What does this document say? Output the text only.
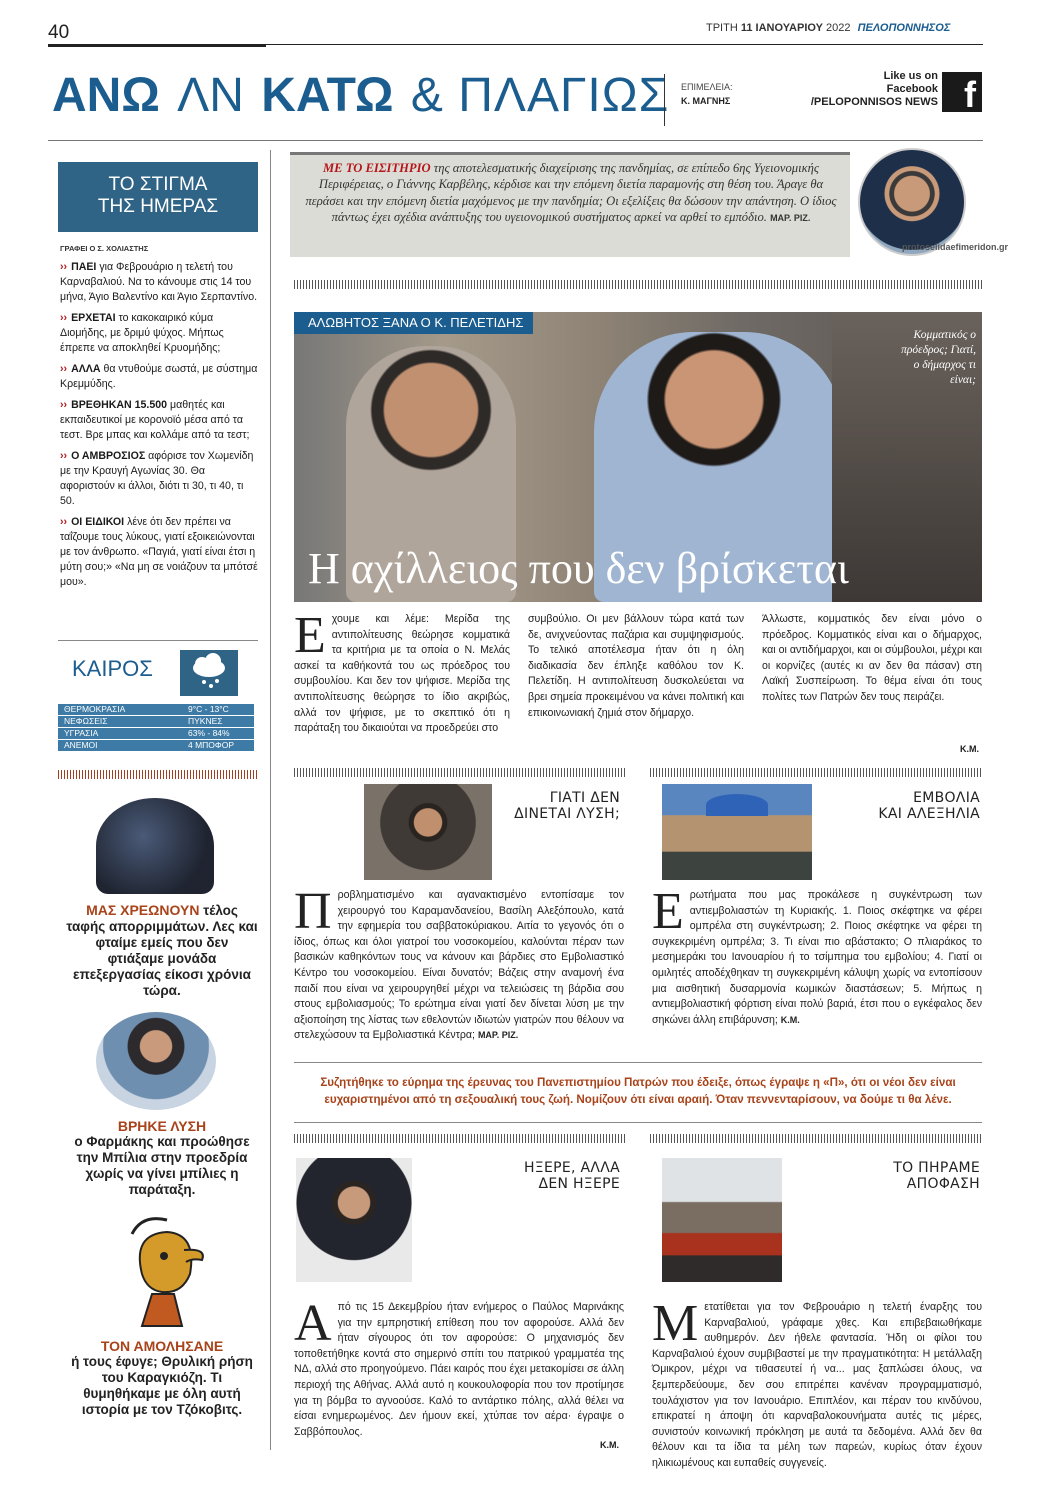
40	ΤΡΙΤΗ 11 ΙΑΝΟΥΑΡΙΟΥ 2022 ΠΕΛΟΠΟΝΝΗΣΟΣ
ΑΝΩ ΛΝ ΚΑΤΩ & ΠΛΑΓΙΩΣ ΕΠΙΜΕΛΕΙΑ:
Κ. ΜΑΓΝΗΣ
Like us on
Facebook
/PELOPONNISOS NEWS f
ΤΟ ΣΤΙΓΜΑ
ΤΗΣ ΗΜΕΡΑΣ
ΓΡΑΦΕΙ Ο Σ. ΧΟΛΙΑΣΤΗΣ
›› ΠΑΕΙ για Φεβρουάριο η τελετή του Καρναβαλιού. Να το κάνουμε στις 14 του μήνα, Άγιο Βαλεντίνο και Άγιο Σερπαντίνο.
›› ΕΡΧΕΤΑΙ το κακοκαιρικό κύμα Διομήδης, με δριμύ ψύχος. Μήπως έπρεπε να αποκληθεί Κρυομήδης;
›› ΑΛΛΑ θα ντυθούμε σωστά, με σύστημα Κρεμμύδης.
›› ΒΡΕΘΗΚΑΝ 15.500 μαθητές και εκπαιδευτικοί με κορονοϊό μέσα από τα τεστ. Βρε μπας και κολλάμε από τα τεστ;
›› Ο ΑΜΒΡΟΣΙΟΣ αφόρισε τον Χωμενίδη με την Κραυγή Αγωνίας 30. Θα αφοριστούν κι άλλοι, διότι τι 30, τι 40, τι 50.
›› ΟΙ ΕΙΔΙΚΟΙ λένε ότι δεν πρέπει να ταΐζουμε τους λύκους, γιατί εξοικειώνονται με τον άνθρωπο. «Παγιά, γιατί είναι έτσι η μύτη σου;» «Να μη σε νοιάζουν τα μπότσέ μου».
ΚΑΙΡΟΣ
ΘΕΡΜΟΚΡΑΣΙΑ	9°C - 13°C
ΝΕΦΩΣΕΙΣ	ΠΥΚΝΕΣ
ΥΓΡΑΣΙΑ	63% - 84%
ΑΝΕΜΟΙ	4 ΜΠΟΦΟΡ
ΜΑΣ ΧΡΕΩΝΟΥΝ τέλος ταφής απορριμμάτων. Λες και φταίμε εμείς που δεν φτιάξαμε μονάδα επεξεργασίας είκοσι χρόνια τώρα.
ΒΡΗΚΕ ΛΥΣΗ
ο Φαρμάκης και προώθησε την Μπίλια στην προεδρία χωρίς να γίνει μπίλιες η παράταξη.
ΤΟΝ ΑΜΟΛΗΣΑΝΕ
ή τους έφυγε; Θρυλική ρήση του Καραγκιόζη. Τι θυμηθήκαμε με όλη αυτή ιστορία με τον Τζόκοβιτς.
ΜΕ ΤΟ ΕΙΣΙΤΗΡΙΟ της αποτελεσματικής διαχείρισης της πανδημίας, σε επίπεδο 6ης Υγειονομικής Περιφέρειας, ο Γιάννης Καρβέλης, κέρδισε και την επόμενη διετία παραμονής στη θέση του. Άραγε θα περάσει και την επόμενη διετία μαχόμενος με την πανδημία; Οι εξελίξεις θα δώσουν την απάντηση. Ο ίδιος πάντως έχει σχέδια ανάπτυξης του υγειονομικού συστήματος αρκεί να αρθεί το εμπόδιο. ΜΑΡ. ΡΙΖ.
protoselidaefimeridon.gr
ΑΛΩΒΗΤΟΣ ΞΑΝΑ Ο Κ. ΠΕΛΕΤΙΔΗΣ
Κομματικός ο πρόεδρος; Γιατί, ο δήμαρχος τι είναι;
Η αχίλλειος που δεν βρίσκεται
Ε χουμε και λέμε: Μερίδα της αντιπολίτευσης θεώρησε κομματικά τα κριτήρια με τα οποία ο Ν. Μελάς ασκεί τα καθήκοντά του ως πρόεδρος του συμβουλίου. Και δεν τον ψήφισε. Μερίδα της αντιπολίτευσης θεώρησε το ίδιο ακριβώς, αλλά τον ψήφισε, με το σκεπτικό ότι η παράταξη του δικαιούται να προεδρεύει στο
συμβούλιο. Οι μεν βάλλουν τώρα κατά των δε, ανιχνεύοντας παζάρια και συμψηφισμούς. Το τελικό αποτέλεσμα ήταν ότι η όλη διαδικασία δεν έπληξε καθόλου τον Κ. Πελετίδη. Η αντιπολίτευση δυσκολεύεται να βρει σημεία προκειμένου να κάνει πολιτική και επικοινωνιακή ζημιά στον δήμαρχο.
Άλλωστε, κομματικός δεν είναι μόνο ο πρόεδρος. Κομματικός είναι και ο δήμαρχος, και οι αντιδήμαρχοι, και οι σύμβουλοι, μέχρι και οι κορνίζες (αυτές κι αν δεν θα πάσαν) στη Λαϊκή Συσπείρωση. Το θέμα είναι ότι τους πολίτες των Πατρών δεν τους πειράζει.
Κ.Μ.
ΓΙΑΤΙ ΔΕΝ
ΔΙΝΕΤΑΙ ΛΥΣΗ;
Π ροβληματισμένο και αγανακτισμένο εντοπίσαμε τον χειρουργό του Καραμανδανείου, Βασίλη Αλεξόπουλο, κατά την εφημερία του σαββατοκύριακου. Αιτία το γεγονός ότι ο ίδιος, όπως και όλοι γιατροί του νοσοκομείου, καλούνται πέραν των βασικών καθηκόντων τους να κάνουν και βάρδιες στο Εμβολιαστικό Κέντρο του νοσοκομείου. Είναι δυνατόν; Βάζεις στην αναμονή ένα παιδί που είναι να χειρουργηθεί μέχρι να τελειώσεις τη βάρδια σου στους εμβολιασμούς; Το ερώτημα είναι γιατί δεν δίνεται λύση με την αξιοποίηση της λίστας των εθελοντών ιδιωτών γιατρών που θέλουν να στελεχώσουν τα Εμβολιαστικά Κέντρα; ΜΑΡ. ΡΙΖ.
ΕΜΒΟΛΙΑ
ΚΑΙ ΑΛΕΞΗΛΙΑ
Ε ρωτήματα που μας προκάλεσε η συγκέντρωση των αντιεμβολιαστών τη Κυριακής. 1. Ποιος σκέφτηκε να φέρει ομπρέλα στη συγκέντρωση; 2. Ποιος σκέφτηκε να φέρει τη συγκεκριμένη ομπρέλα; 3. Τι είναι πιο αβάστακτο; Ο πλιαράκος το μεσημεράκι του Ιανουαρίου ή το τσίμπημα του εμβολίου; 4. Γιατί οι ομιλητές αποδέχθηκαν τη συγκεκριμένη κάλυψη χωρίς να εντοπίσουν μια αισθητική δυσαρμονία κωμικών διαστάσεων; 5. Μήπως η αντιεμβολιαστική φόρτιση είναι πολύ βαριά, έτσι που ο εγκέφαλος δεν σηκώνει άλλη επιβάρυνση; Κ.Μ.
Συζητήθηκε το εύρημα της έρευνας του Πανεπιστημίου Πατρών που έδειξε, όπως έγραψε η «Π», ότι οι νέοι δεν είναι ευχαριστημένοι από τη σεξουαλική τους ζωή. Νομίζουν ότι είναι αραιή. Όταν πεννενταρίσουν, να δούμε τι θα λένε.
ΗΞΕΡΕ, ΑΛΛΑ
ΔΕΝ ΗΞΕΡΕ
Α πό τις 15 Δεκεμβρίου ήταν ενήμερος ο Παύλος Μαρινάκης για την εμπρηστική επίθεση που τον αφορούσε. Αλλά δεν ήταν σίγουρος ότι τον αφορούσε: Ο μηχανισμός δεν τοποθετήθηκε κοντά στο σημερινό σπίτι του πατρικού γραμματέα της ΝΔ, αλλά στο προηγούμενο. Πάει καιρός που έχει μετακομίσει σε άλλη περιοχή της Αθήνας. Αλλά αυτό η κουκουλοφορία που τον προτίμησε για τη βόμβα το αγνοούσε. Καλό το αντάρτικο πόλης, αλλά θέλει να είσαι ενημερωμένος. Δεν ήμουν εκεί, χτύπαε τον αέρα· έγραψε ο Σαββόπουλος.
Κ.Μ.
ΤΟ ΠΗΡΑΜΕ
ΑΠΟΦΑΣΗ
Μ ετατίθεται για τον Φεβρουάριο η τελετή έναρξης του Καρναβαλιού, γράφαμε χθες. Και επιβεβαιωθήκαμε αυθημερόν. Δεν ήθελε φαντασία. Ήδη οι φίλοι του Καρναβαλιού έχουν συμβιβαστεί με την πραγματικότητα: Η μετάλλαξη Όμικρον, μέχρι να τιθασευτεί ή να... μας ξαπλώσει όλους, να ξεμπερδεύουμε, δεν σου επιτρέπει κανέναν προγραμματισμό, τουλάχιστον για τον Ιανουάριο. Επιπλέον, και πέραν του κινδύνου, επικρατεί η άποψη ότι καρναβαλοκουνήματα αυτές τις μέρες, συνιστούν κοινωνική πρόκληση με αυτά τα δεδομένα. Αλλά δεν θα θέλουν και τα ίδια τα μέλη των παρεών, κυρίως όταν έχουν ηλικιωμένους και ευπαθείς συγγενείς.
